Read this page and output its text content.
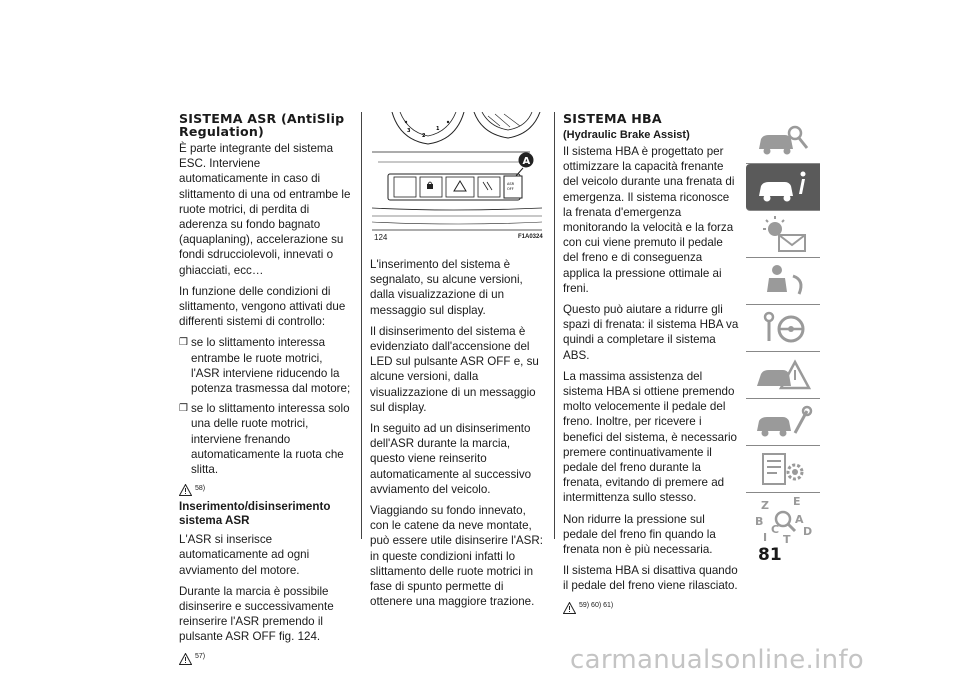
SISTEMA ASR (AntiSlip Regulation)

È parte integrante del sistema ESC. Interviene automaticamente in caso di slittamento di una od entrambe le ruote motrici, di perdita di aderenza su fondo bagnato (aquaplaning), accelerazione su fondi sdrucciolevoli, innevati o ghiacciati, ecc…

In funzione delle condizioni di slittamento, vengono attivati due differenti sistemi di controllo:

❒ se lo slittamento interessa entrambe le ruote motrici, l'ASR interviene riducendo la potenza trasmessa dal motore;
❒ se lo slittamento interessa solo una delle ruote motrici, interviene frenando automaticamente la ruota che slitta.
58)
Inserimento/disinserimento sistema ASR

L'ASR si inserisce automaticamente ad ogni avviamento del motore.

Durante la marcia è possibile disinserire e successivamente reinserire l'ASR premendo il pulsante ASR OFF fig. 124.

57)
3
2
1
ASR
OFF
A
124	F1A0324

L'inserimento del sistema è segnalato, su alcune versioni, dalla visualizzazione di un messaggio sul display.

Il disinserimento del sistema è evidenziato dall'accensione del LED sul pulsante ASR OFF e, su alcune versioni, dalla visualizzazione di un messaggio sul display.

In seguito ad un disinserimento dell'ASR durante la marcia, questo viene reinserito automaticamente al successivo avviamento del veicolo.

Viaggiando su fondo innevato, con le catene da neve montate, può essere utile disinserire l'ASR: in queste condizioni infatti lo slittamento delle ruote motrici in fase di spunto permette di ottenere una maggiore trazione.

SISTEMA HBA
(Hydraulic Brake Assist)

Il sistema HBA è progettato per ottimizzare la capacità frenante del veicolo durante una frenata di emergenza. Il sistema riconosce la frenata d'emergenza monitorando la velocità e la forza con cui viene premuto il pedale del freno e di conseguenza applica la pressione ottimale ai freni.

Questo può aiutare a ridurre gli spazi di frenata: il sistema HBA va quindi a completare il sistema ABS.

La massima assistenza del sistema HBA si ottiene premendo molto velocemente il pedale del freno. Inoltre, per ricevere i benefici del sistema, è necessario premere continuativamente il pedale del freno durante la frenata, evitando di premere ad intermittenza sullo stesso.

Non ridurre la pressione sul pedale del freno fin quando la frenata non è più necessaria.

Il sistema HBA si disattiva quando il pedale del freno viene rilasciato.

59) 60) 61)
Z E
B	A
C D
I T
81
carmanualsonline.info
